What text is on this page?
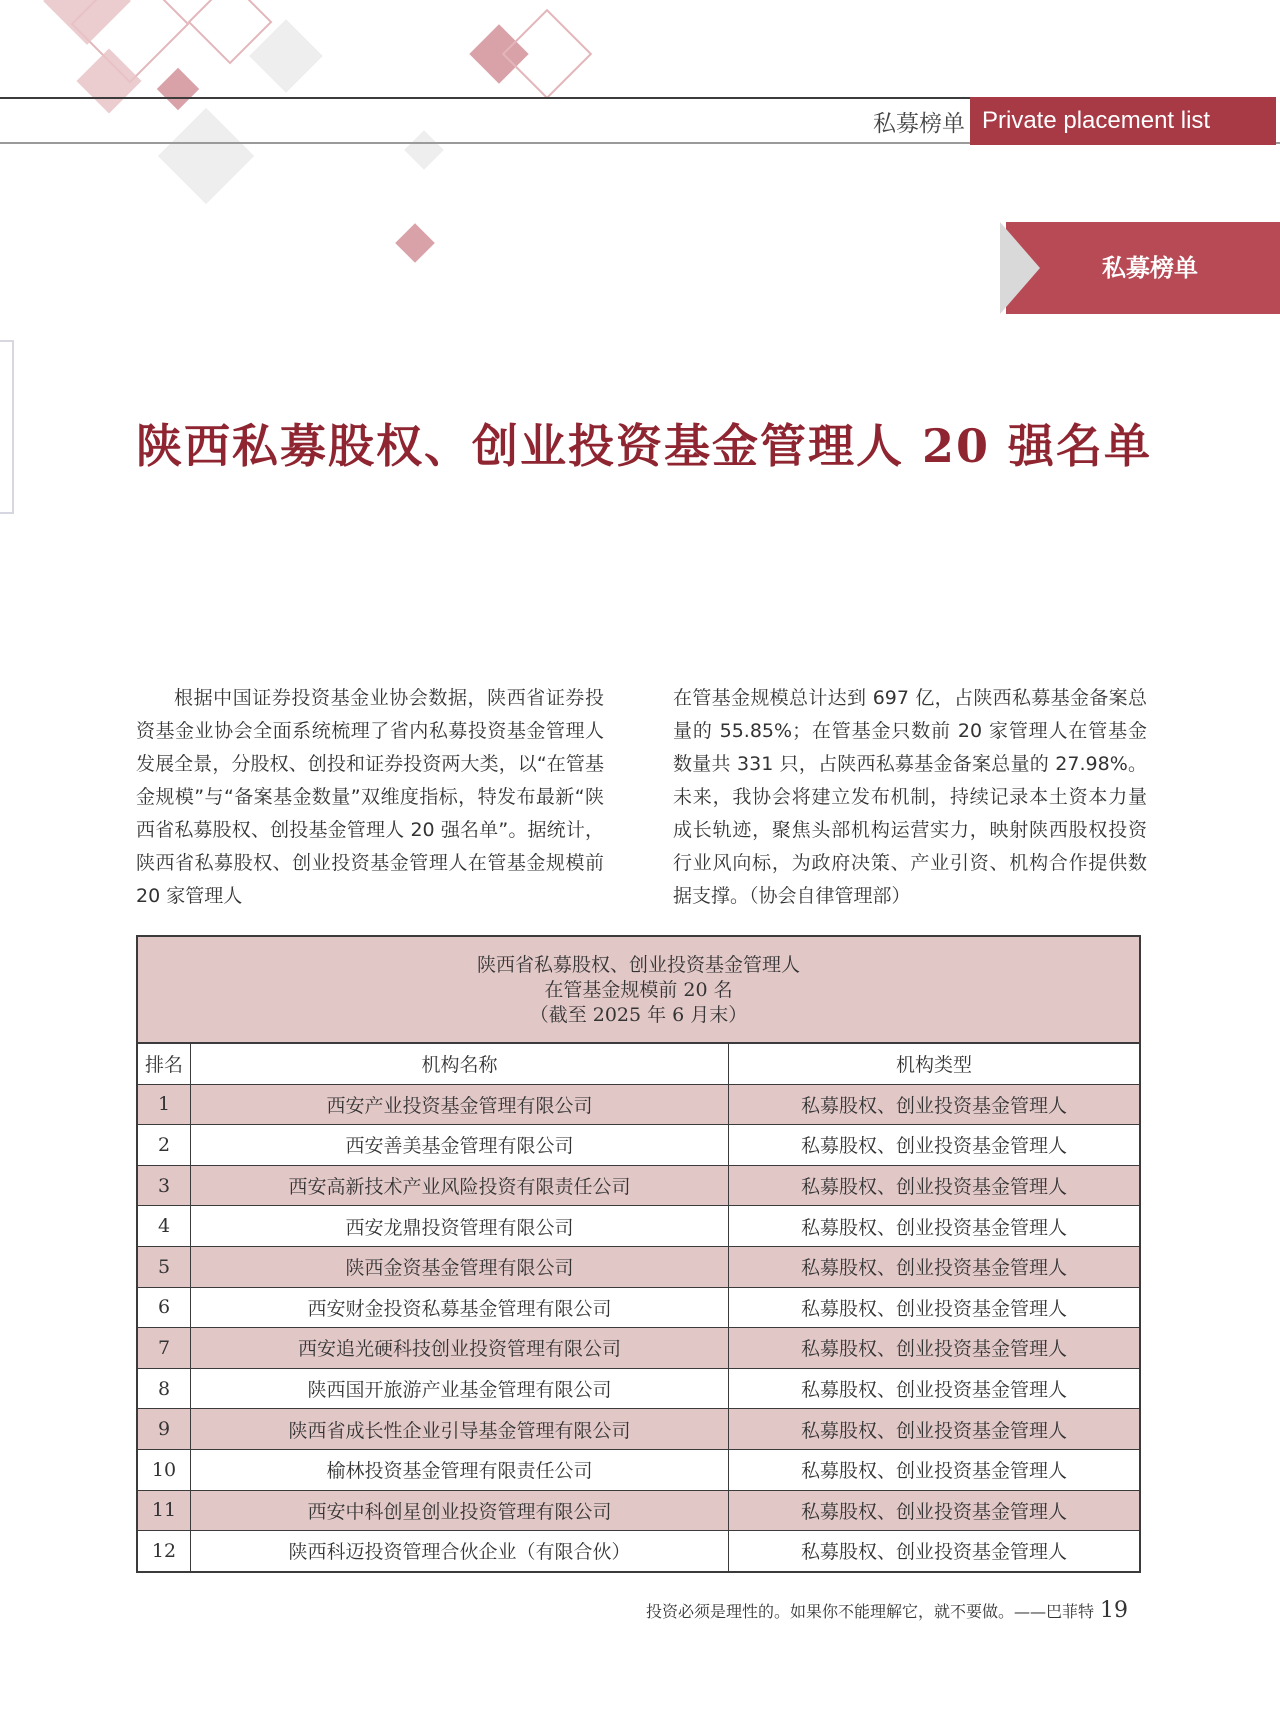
私募榜单 Private placement list
私募榜单
陕西私募股权、创业投资基金管理人 20 强名单
根据中国证券投资基金业协会数据，陕西省证券投资基金业协会全面系统梳理了省内私募投资基金管理人发展全景，分股权、创投和证券投资两大类，以“在管基金规模”与“备案基金数量”双维度指标，特发布最新“陕西省私募股权、创投基金管理人 20 强名单”。据统计，陕西省私募股权、创业投资基金管理人在管基金规模前 20 家管理人
在管基金规模总计达到 697 亿，占陕西私募基金备案总量的 55.85%；在管基金只数前 20 家管理人在管基金数量共 331 只，占陕西私募基金备案总量的 27.98%。未来，我协会将建立发布机制，持续记录本土资本力量成长轨迹，聚焦头部机构运营实力，映射陕西股权投资行业风向标，为政府决策、产业引资、机构合作提供数据支撑。（协会自律管理部）
陕西省私募股权、创业投资基金管理人
在管基金规模前 20 名
（截至 2025 年 6 月末）
排名	机构名称	机构类型
1	西安产业投资基金管理有限公司	私募股权、创业投资基金管理人
2	西安善美基金管理有限公司	私募股权、创业投资基金管理人
3	西安高新技术产业风险投资有限责任公司	私募股权、创业投资基金管理人
4	西安龙鼎投资管理有限公司	私募股权、创业投资基金管理人
5	陕西金资基金管理有限公司	私募股权、创业投资基金管理人
6	西安财金投资私募基金管理有限公司	私募股权、创业投资基金管理人
7	西安追光硬科技创业投资管理有限公司	私募股权、创业投资基金管理人
8	陕西国开旅游产业基金管理有限公司	私募股权、创业投资基金管理人
9	陕西省成长性企业引导基金管理有限公司	私募股权、创业投资基金管理人
10	榆林投资基金管理有限责任公司	私募股权、创业投资基金管理人
11	西安中科创星创业投资管理有限公司	私募股权、创业投资基金管理人
12	陕西科迈投资管理合伙企业（有限合伙）	私募股权、创业投资基金管理人
投资必须是理性的。如果你不能理解它，就不要做。——巴菲特 19
